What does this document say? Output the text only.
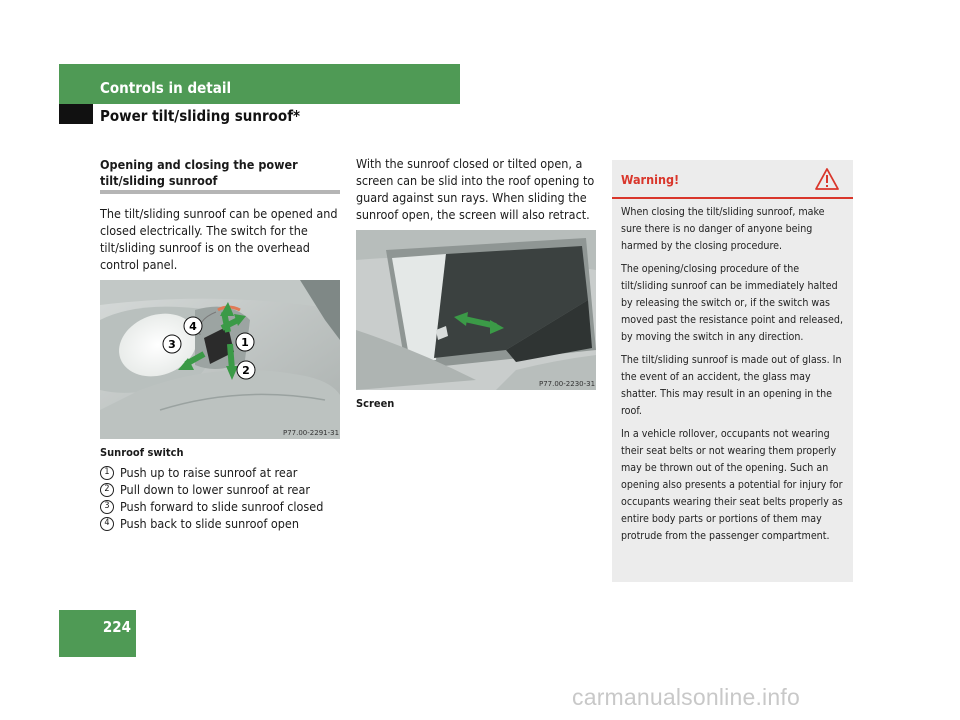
Controls in detail
Power tilt/sliding sunroof*
Opening and closing the power tilt/sliding sunroof
The tilt/sliding sunroof can be opened and closed electrically. The switch for the tilt/sliding sunroof is on the overhead control panel.
4
3	1
2
P77.00-2291-31
Sunroof switch
1 Push up to raise sunroof at rear
2 Pull down to lower sunroof at rear
3 Push forward to slide sunroof closed
4 Push back to slide sunroof open
With the sunroof closed or tilted open, a screen can be slid into the roof opening to guard against sun rays. When sliding the sunroof open, the screen will also retract.
P77.00-2230-31
Screen
Warning!

When closing the tilt/sliding sunroof, make sure there is no danger of anyone being harmed by the closing procedure.

The opening/closing procedure of the tilt/sliding sunroof can be immediately halted by releasing the switch or, if the switch was moved past the resistance point and released, by moving the switch in any direction.

The tilt/sliding sunroof is made out of glass. In the event of an accident, the glass may shatter. This may result in an opening in the roof.

In a vehicle rollover, occupants not wearing their seat belts or not wearing them properly may be thrown out of the opening. Such an opening also presents a potential for injury for occupants wearing their seat belts properly as entire body parts or portions of them may protrude from the passenger compartment.

224
carmanualsonline.info
